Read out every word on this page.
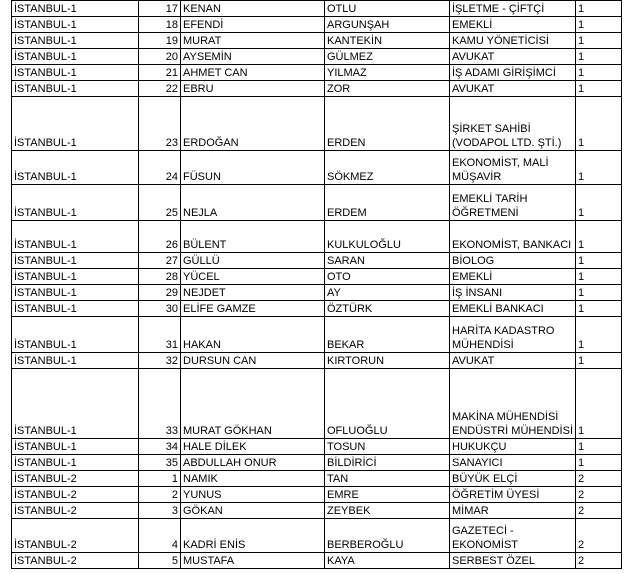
İSTANBUL-1	17	KENAN	OTLU	İŞLETME - ÇİFTÇİ	1
İSTANBUL-1	18	EFENDİ	ARGUNŞAH	EMEKLİ	1
İSTANBUL-1	19	MURAT	KANTEKİN	KAMU YÖNETİCİSİ	1
İSTANBUL-1	20	AYSEMİN	GÜLMEZ	AVUKAT	1
İSTANBUL-1	21	AHMET CAN	YILMAZ	İŞ ADAMI GİRİŞİMCİ	1
İSTANBUL-1	22	EBRU	ZOR	AVUKAT	1
İSTANBUL-1	23	ERDOĞAN	ERDEN	ŞİRKET SAHİBİ (VODAPOL LTD. ŞTİ.)	1
İSTANBUL-1	24	FÜSUN	SÖKMEZ	EKONOMİST, MALİ MÜŞAVİR	1
İSTANBUL-1	25	NEJLA	ERDEM	EMEKLİ TARİH ÖĞRETMENİ	1
İSTANBUL-1	26	BÜLENT	KULKULOĞLU	EKONOMİST, BANKACI	1
İSTANBUL-1	27	GÜLLÜ	SARAN	BİOLOG	1
İSTANBUL-1	28	YÜCEL	OTO	EMEKLİ	1
İSTANBUL-1	29	NEJDET	AY	İŞ İNSANI	1
İSTANBUL-1	30	ELİFE GAMZE	ÖZTÜRK	EMEKLİ BANKACI	1
İSTANBUL-1	31	HAKAN	BEKAR	HARİTA KADASTRO MÜHENDİSİ	1
İSTANBUL-1	32	DURSUN CAN	KIRTORUN	AVUKAT	1
İSTANBUL-1	33	MURAT GÖKHAN	OFLUOĞLU	MAKİNA MÜHENDİSİ ENDÜSTRİ MÜHENDİSİ	1
İSTANBUL-1	34	HALE DİLEK	TOSUN	HUKUKÇU	1
İSTANBUL-1	35	ABDULLAH ONUR	BİLDİRİCİ	SANAYICI	1
İSTANBUL-2	1	NAMIK	TAN	BÜYÜK ELÇİ	2
İSTANBUL-2	2	YUNUS	EMRE	ÖĞRETİM ÜYESİ	2
İSTANBUL-2	3	GÖKAN	ZEYBEK	MİMAR	2
İSTANBUL-2	4	KADRİ ENİS	BERBEROĞLU	GAZETECİ - EKONOMİST	2
İSTANBUL-2	5	MUSTAFA	KAYA	SERBEST ÖZEL	2
